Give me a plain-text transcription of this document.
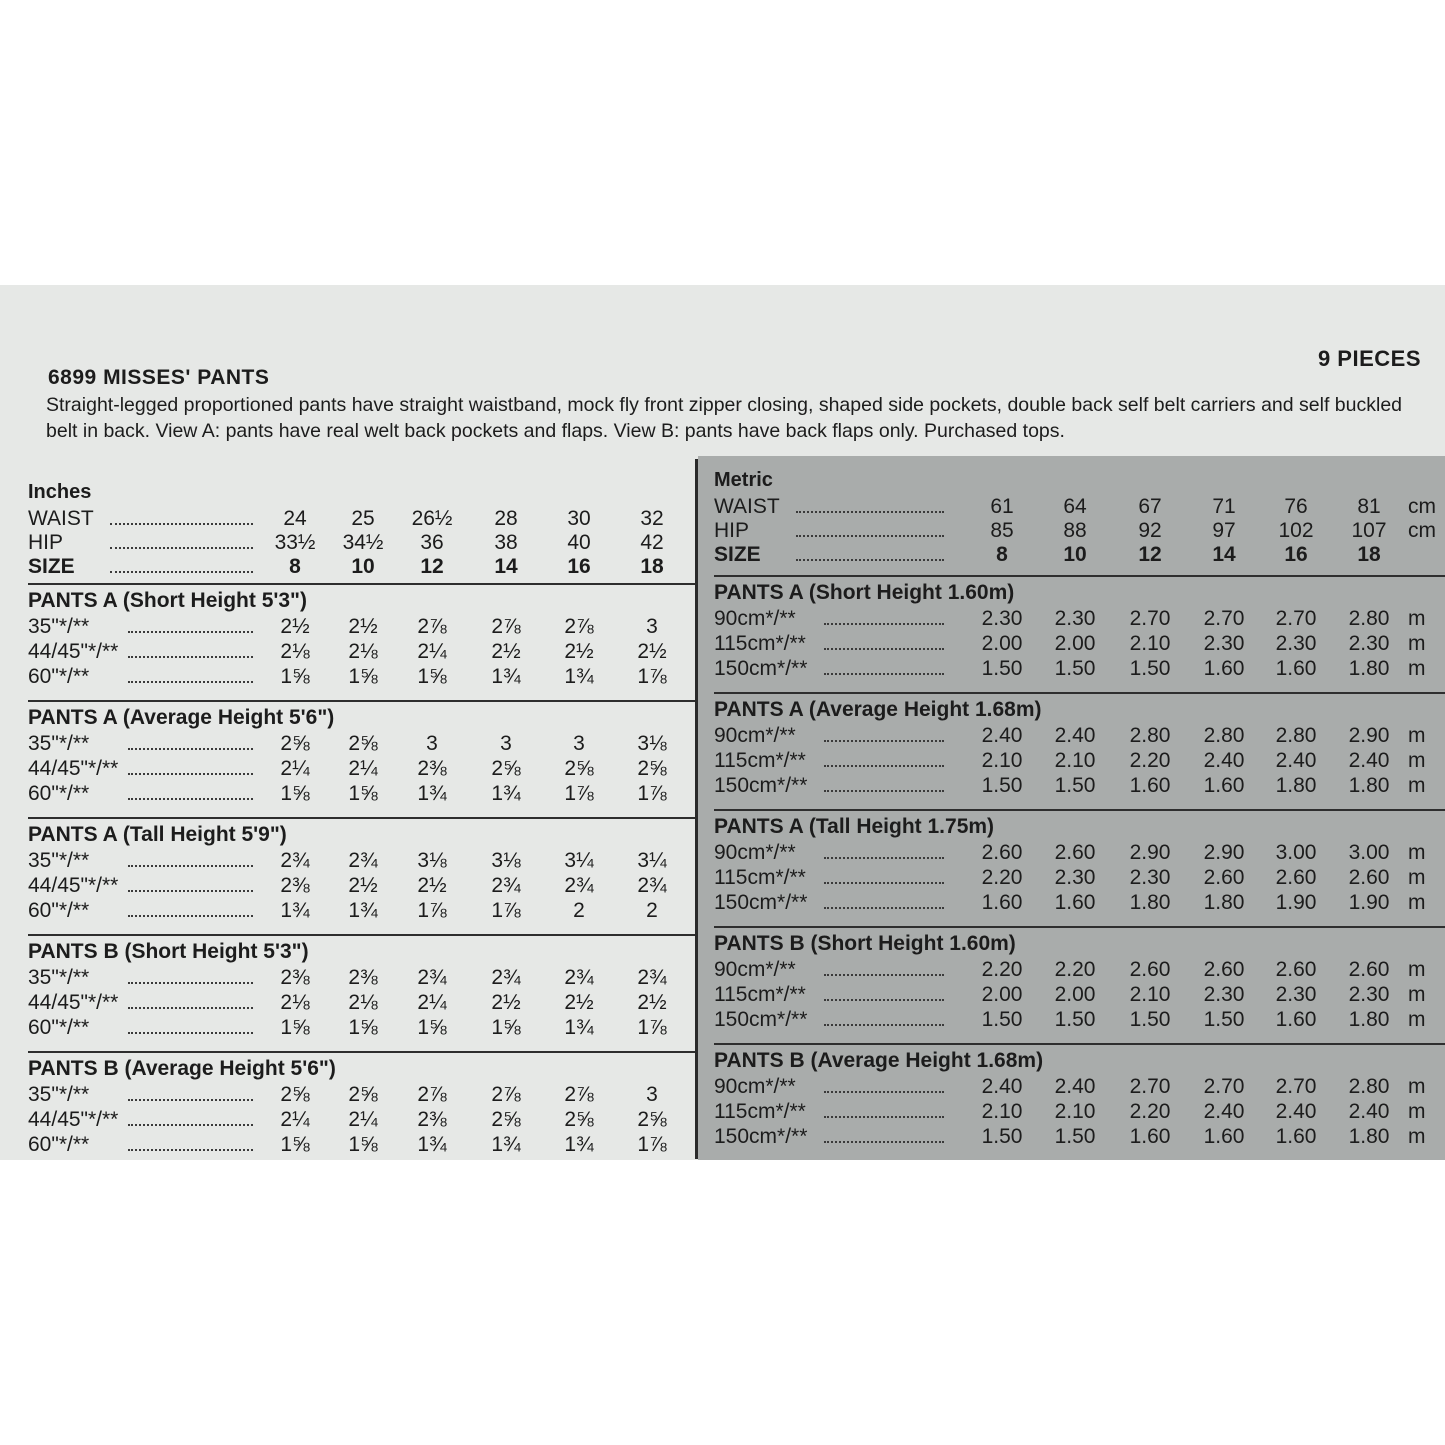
6899 MISSES' PANTS
9 PIECES
Straight-legged proportioned pants have straight waistband, mock fly front zipper closing, shaped side pockets, double back self belt carriers and self buckled belt in back. View A: pants have real welt back pockets and flaps. View B: pants have back flaps only. Purchased tops.
Inches
WAIST	24	25	26½	28	30	32
HIP	33½	34½	36	38	40	42
SIZE	8	10	12	14	16	18
PANTS A (Short Height 5'3")
35"*/**	2½	2½	2⅞	2⅞	2⅞	3
44/45"*/**	2⅛	2⅛	2¼	2½	2½	2½
60"*/**	1⅝	1⅝	1⅝	1¾	1¾	1⅞
PANTS A (Average Height 5'6")
35"*/**	2⅝	2⅝	3	3	3	3⅛
44/45"*/**	2¼	2¼	2⅜	2⅝	2⅝	2⅝
60"*/**	1⅝	1⅝	1¾	1¾	1⅞	1⅞
PANTS A (Tall Height 5'9")
35"*/**	2¾	2¾	3⅛	3⅛	3¼	3¼
44/45"*/**	2⅜	2½	2½	2¾	2¾	2¾
60"*/**	1¾	1¾	1⅞	1⅞	2	2
PANTS B (Short Height 5'3")
35"*/**	2⅜	2⅜	2¾	2¾	2¾	2¾
44/45"*/**	2⅛	2⅛	2¼	2½	2½	2½
60"*/**	1⅝	1⅝	1⅝	1⅝	1¾	1⅞
PANTS B (Average Height 5'6")
35"*/**	2⅝	2⅝	2⅞	2⅞	2⅞	3
44/45"*/**	2¼	2¼	2⅜	2⅝	2⅝	2⅝
60"*/**	1⅝	1⅝	1¾	1¾	1¾	1⅞
Metric
WAIST	61	64	67	71	76	81	cm
HIP	85	88	92	97	102	107	cm
SIZE	8	10	12	14	16	18
PANTS A (Short Height 1.60m)
90cm*/**	2.30	2.30	2.70	2.70	2.70	2.80 m
115cm*/**	2.00	2.00	2.10	2.30	2.30	2.30 m
150cm*/**	1.50	1.50	1.50	1.60	1.60	1.80 m
PANTS A (Average Height 1.68m)
90cm*/**	2.40	2.40	2.80	2.80	2.80	2.90 m
115cm*/**	2.10	2.10	2.20	2.40	2.40	2.40 m
150cm*/**	1.50	1.50	1.60	1.60	1.80	1.80 m
PANTS A (Tall Height 1.75m)
90cm*/**	2.60	2.60	2.90	2.90	3.00	3.00 m
115cm*/**	2.20	2.30	2.30	2.60	2.60	2.60 m
150cm*/**	1.60	1.60	1.80	1.80	1.90	1.90 m
PANTS B (Short Height 1.60m)
90cm*/**	2.20	2.20	2.60	2.60	2.60	2.60 m
115cm*/**	2.00	2.00	2.10	2.30	2.30	2.30 m
150cm*/**	1.50	1.50	1.50	1.50	1.60	1.80 m
PANTS B (Average Height 1.68m)
90cm*/**	2.40	2.40	2.70	2.70	2.70	2.80 m
115cm*/**	2.10	2.10	2.20	2.40	2.40	2.40 m
150cm*/**	1.50	1.50	1.60	1.60	1.60	1.80 m
